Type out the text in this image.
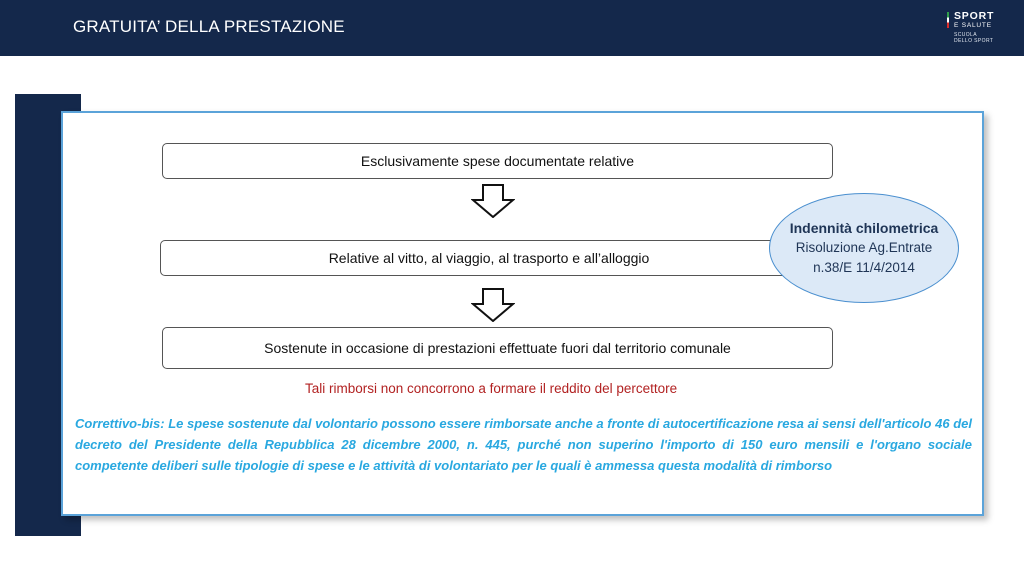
GRATUITA’ DELLA PRESTAZIONE
SPORT
E SALUTE
SCUOLA
DELLO SPORT
Esclusivamente spese documentate relative
Relative al vitto, al viaggio, al trasporto e all’alloggio
Sostenute in occasione di prestazioni effettuate fuori dal territorio comunale
Indennità chilometrica
Risoluzione Ag.Entrate
n.38/E 11/4/2014
Tali rimborsi non concorrono a formare il reddito del percettore
Correttivo-bis: Le spese sostenute dal volontario possono essere rimborsate anche a fronte di autocertificazione resa ai sensi dell'articolo 46 del decreto del Presidente della Repubblica 28 dicembre 2000, n. 445, purché non superino l'importo di 150 euro mensili e l'organo sociale competente deliberi sulle tipologie di spese e le attività di volontariato per le quali è ammessa questa modalità di rimborso
